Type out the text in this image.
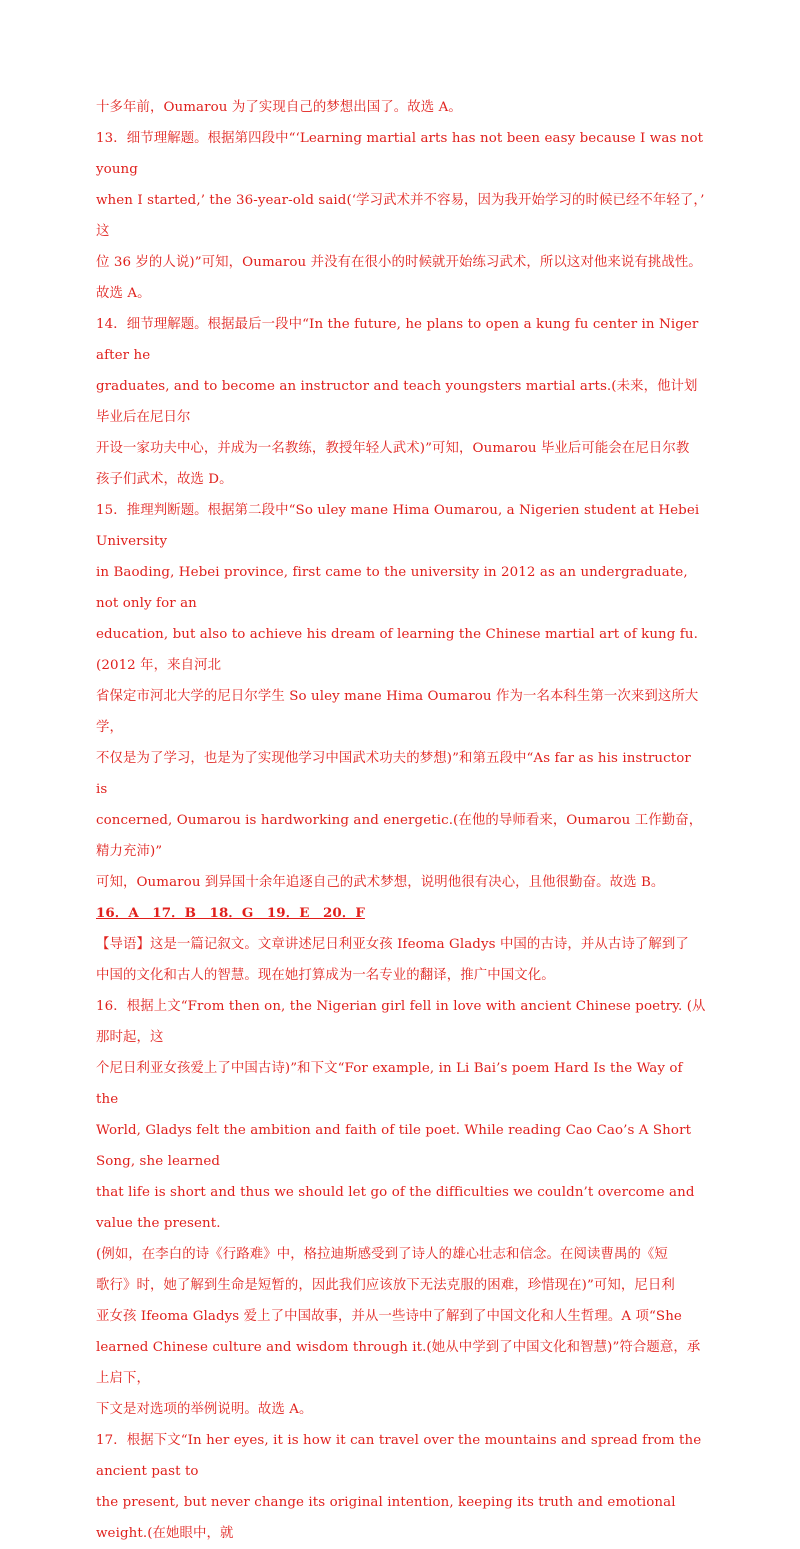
十多年前，Oumarou 为了实现自己的梦想出国了。故选 A。
13．细节理解题。根据第四段中“‘Learning martial arts has not been easy because I was not young
when I started,’ the 36-year-old said(‘学习武术并不容易，因为我开始学习的时候已经不年轻了，’ 这
位 36 岁的人说)”可知，Oumarou 并没有在很小的时候就开始练习武术，所以这对他来说有挑战性。
故选 A。
14．细节理解题。根据最后一段中“In the future, he plans to open a kung fu center in Niger after he
graduates, and to become an instructor and teach youngsters martial arts.(未来，他计划毕业后在尼日尔
开设一家功夫中心，并成为一名教练，教授年轻人武术)”可知，Oumarou 毕业后可能会在尼日尔教
孩子们武术，故选 D。
15．推理判断题。根据第二段中“So uley mane Hima Oumarou, a Nigerien student at Hebei University
in Baoding, Hebei province, first came to the university in 2012 as an undergraduate, not only for an
education, but also to achieve his dream of learning the Chinese martial art of kung fu.(2012 年，来自河北
省保定市河北大学的尼日尔学生 So uley mane Hima Oumarou 作为一名本科生第一次来到这所大学，
不仅是为了学习，也是为了实现他学习中国武术功夫的梦想)”和第五段中“As far as his instructor is
concerned, Oumarou is hardworking and energetic.(在他的导师看来，Oumarou 工作勤奋，精力充沛)”
可知，Oumarou 到异国十余年追逐自己的武术梦想，说明他很有决心，且他很勤奋。故选 B。
16．A　17．B　18．G　19．E　20．F
【导语】这是一篇记叙文。文章讲述尼日利亚女孩 Ifeoma Gladys 中国的古诗，并从古诗了解到了
中国的文化和古人的智慧。现在她打算成为一名专业的翻译，推广中国文化。
16．根据上文“From then on, the Nigerian girl fell in love with ancient Chinese poetry. (从那时起，这
个尼日利亚女孩爱上了中国古诗)”和下文“For example, in Li Bai’s poem Hard Is the Way of the
World, Gladys felt the ambition and faith of tile poet. While reading Cao Cao’s A Short Song, she learned
that life is short and thus we should let go of the difficulties we couldn’t overcome and value the present.
(例如，在李白的诗《行路难》中，格拉迪斯感受到了诗人的雄心壮志和信念。在阅读曹禺的《短
歌行》时，她了解到生命是短暂的，因此我们应该放下无法克服的困难，珍惜现在)”可知，尼日利
亚女孩 Ifeoma Gladys 爱上了中国故事，并从一些诗中了解到了中国文化和人生哲理。A 项“She
learned Chinese culture and wisdom through it.(她从中学到了中国文化和智慧)”符合题意，承上启下，
下文是对选项的举例说明。故选 A。
17．根据下文“In her eyes, it is how it can travel over the mountains and spread from the ancient past to
the present, but never change its original intention, keeping its truth and emotional weight.(在她眼中，就
